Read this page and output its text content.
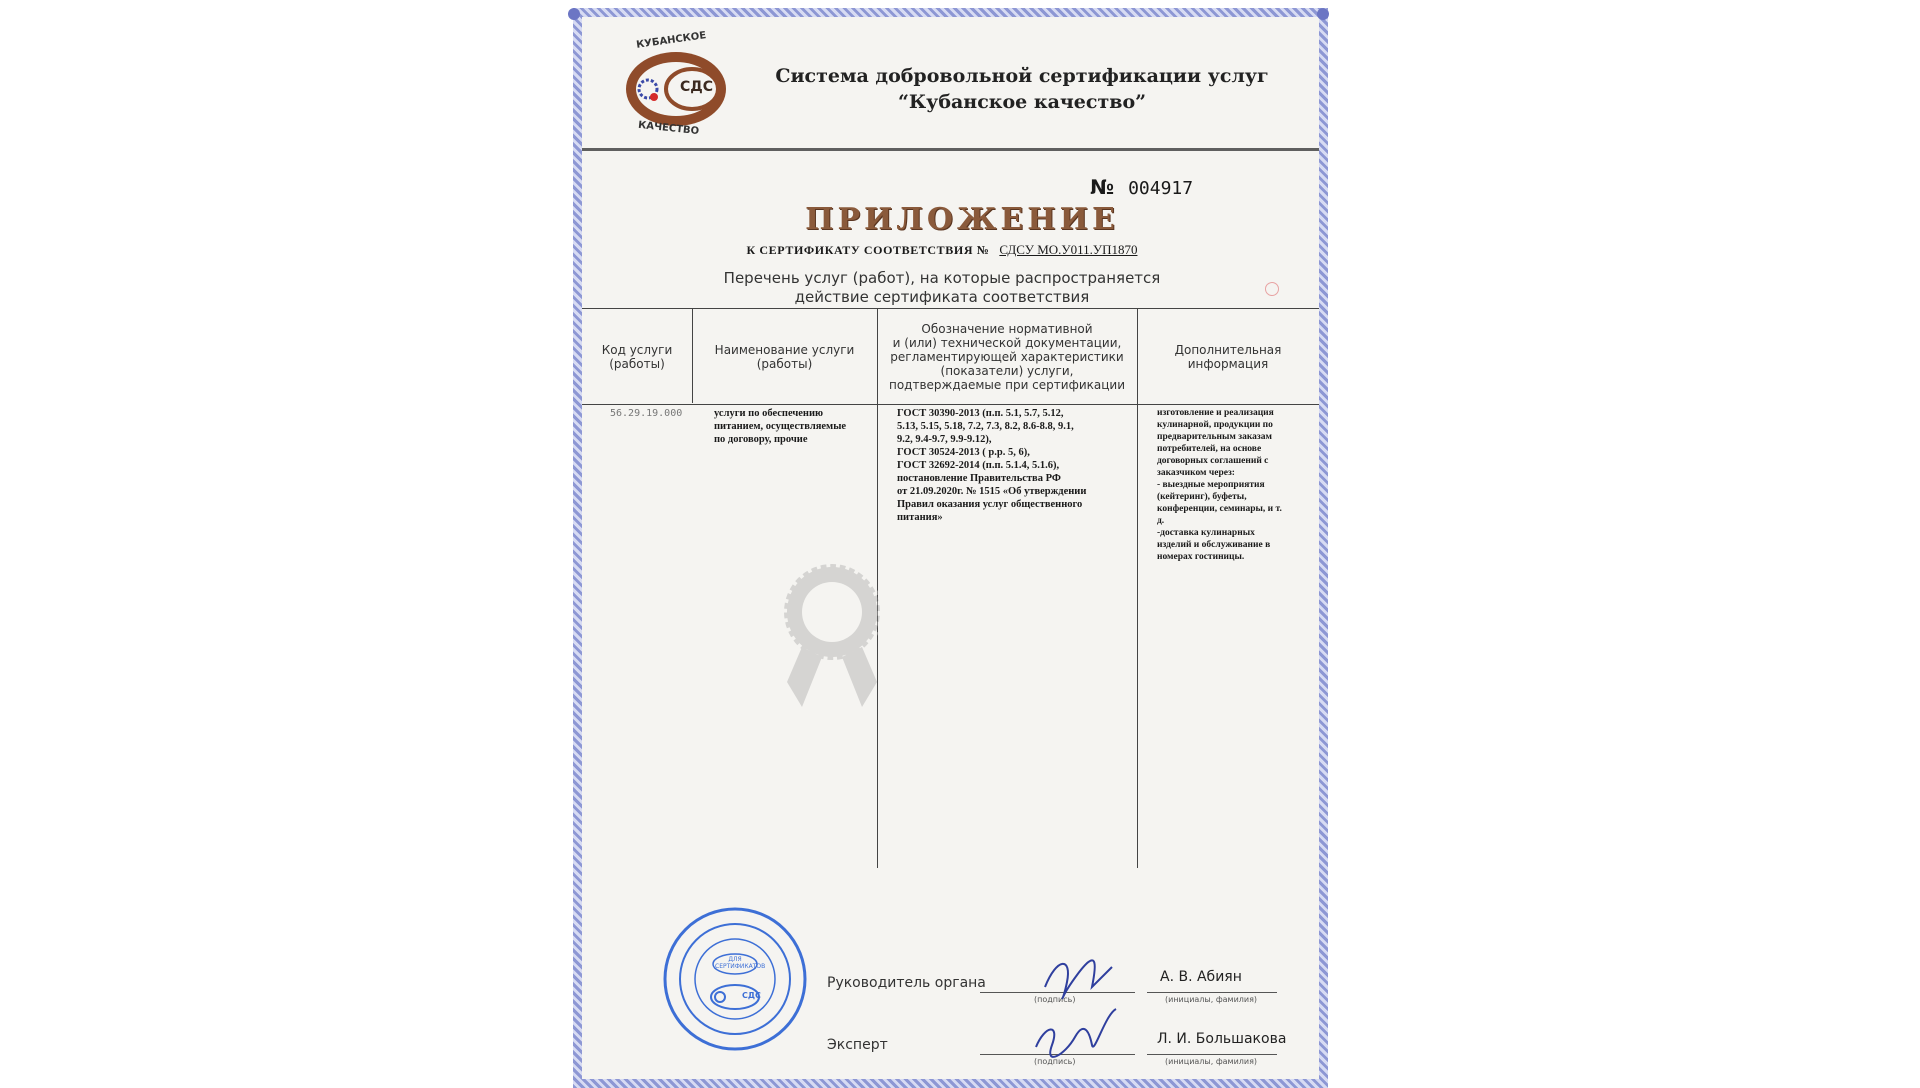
КУБАНСКОЕ
СДС
КАЧЕСТВО
Система добровольной сертификации услуг
“Кубанское качество”
№ 004917
ПРИЛОЖЕНИЕ
К СЕРТИФИКАТУ СООТВЕТСТВИЯ № СДСУ МО.У011.УП1870
Перечень услуг (работ), на которые распространяется
действие сертификата соответствия
Код услуги
(работы)
Наименование услуги
(работы)
Обозначение нормативной
и (или) технической документации,
регламентирующей характеристики
(показатели) услуги,
подтверждаемые при сертификации
Дополнительная
информация
56.29.19.000	услуги по обеспечению
питанием, осуществляемые
по договору, прочие
ГОСТ 30390-2013 (п.п. 5.1, 5.7, 5.12,
5.13, 5.15, 5.18, 7.2, 7.3, 8.2, 8.6-8.8, 9.1,
9.2, 9.4-9.7, 9.9-9.12),
ГОСТ 30524-2013 ( р.р. 5, 6),
ГОСТ 32692-2014 (п.п. 5.1.4, 5.1.6),
постановление Правительства РФ
от 21.09.2020г. № 1515 «Об утверждении
Правил оказания услуг общественного
питания»
изготовление и реализация
кулинарной, продукции по
предварительным заказам
потребителей, на основе
договорных соглашений с
заказчиком через:
- выездные мероприятия
(кейтеринг), буфеты,
конференции, семинары, и т.
д.
-доставка кулинарных
изделий и обслуживание в
номерах гостиницы.
ДЛЯ
СЕРТИФИКАТОВ
СДС
Руководитель органа
(подпись)
А. В. Абиян
(инициалы, фамилия)
Эксперт
(подпись)
Л. И. Большакова
(инициалы, фамилия)
